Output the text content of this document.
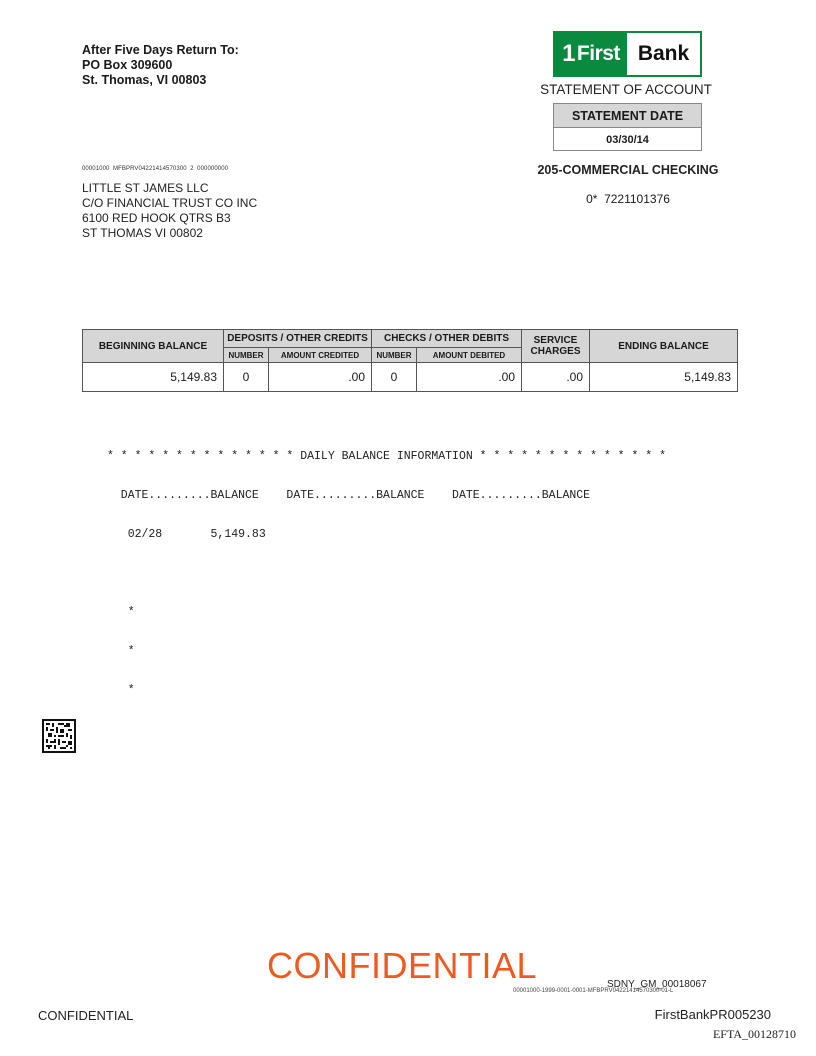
After Five Days Return To:
PO Box 309600
St. Thomas, VI 00803
1 First Bank
STATEMENT OF ACCOUNT
STATEMENT DATE
03/30/14
205-COMMERCIAL CHECKING
0*  7221101376
00001000  MFBPRV04221414570300  2  000000000
LITTLE ST JAMES LLC
C/O FINANCIAL TRUST CO INC
6100 RED HOOK QTRS B3
ST THOMAS VI 00802
BEGINNING BALANCE	DEPOSITS / OTHER CREDITS		CHECKS / OTHER DEBITS		SERVICE
CHARGES	ENDING BALANCE
	NUMBER	AMOUNT CREDITED	NUMBER	AMOUNT DEBITED		
5,149.83	0	.00	0	.00	.00	5,149.83

* * * * * * * * * * * * * * DAILY BALANCE INFORMATION * * * * * * * * * * * * * *

DATE.........BALANCE    DATE.........BALANCE    DATE.........BALANCE

02/28       5,149.83

*

*

*

CONFIDENTIAL	SDNY_GM_00018067
00001000-1999-0001-0001-MFBPRV04221414570300-01-L
CONFIDENTIAL	FirstBankPR005230
EFTA_00128710
